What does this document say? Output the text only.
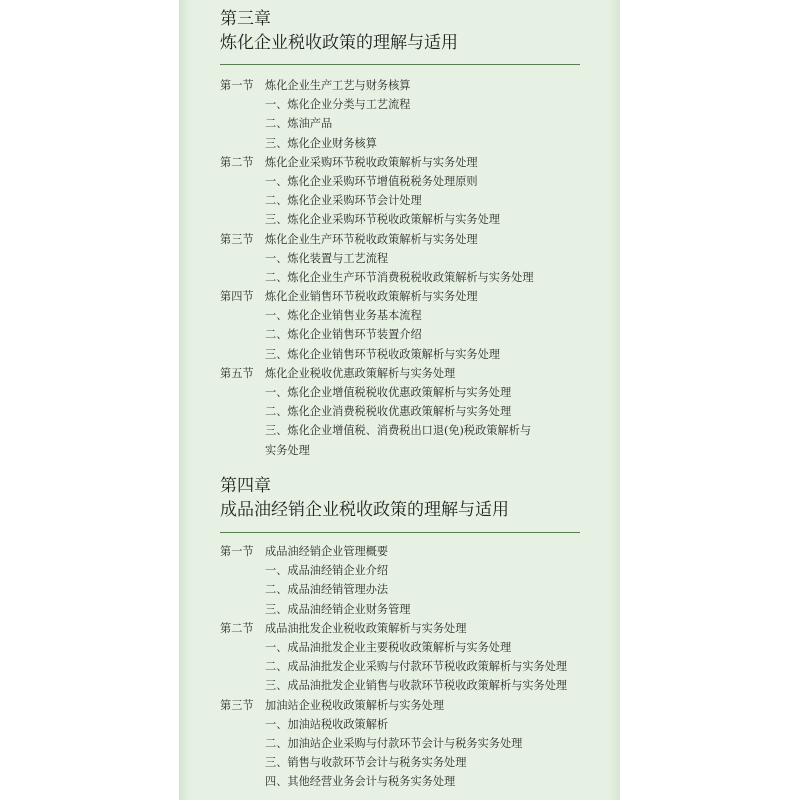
第三章
炼化企业税收政策的理解与适用
第一节 炼化企业生产工艺与财务核算
一、炼化企业分类与工艺流程
二、炼油产品
三、炼化企业财务核算
第二节 炼化企业采购环节税收政策解析与实务处理
一、炼化企业采购环节增值税税务处理原则
二、炼化企业采购环节会计处理
三、炼化企业采购环节税收政策解析与实务处理
第三节 炼化企业生产环节税收政策解析与实务处理
一、炼化装置与工艺流程
二、炼化企业生产环节消费税税收政策解析与实务处理
第四节 炼化企业销售环节税收政策解析与实务处理
一、炼化企业销售业务基本流程
二、炼化企业销售环节装置介绍
三、炼化企业销售环节税收政策解析与实务处理
第五节 炼化企业税收优惠政策解析与实务处理
一、炼化企业增值税税收优惠政策解析与实务处理
二、炼化企业消费税税收优惠政策解析与实务处理
三、炼化企业增值税、消费税出口退(免)税政策解析与
实务处理
第四章
成品油经销企业税收政策的理解与适用
第一节 成品油经销企业管理概要
一、成品油经销企业介绍
二、成品油经销管理办法
三、成品油经销企业财务管理
第二节 成品油批发企业税收政策解析与实务处理
一、成品油批发企业主要税收政策解析与实务处理
二、成品油批发企业采购与付款环节税收政策解析与实务处理
三、成品油批发企业销售与收款环节税收政策解析与实务处理
第三节 加油站企业税收政策解析与实务处理
一、加油站税收政策解析
二、加油站企业采购与付款环节会计与税务实务处理
三、销售与收款环节会计与税务实务处理
四、其他经营业务会计与税务实务处理
